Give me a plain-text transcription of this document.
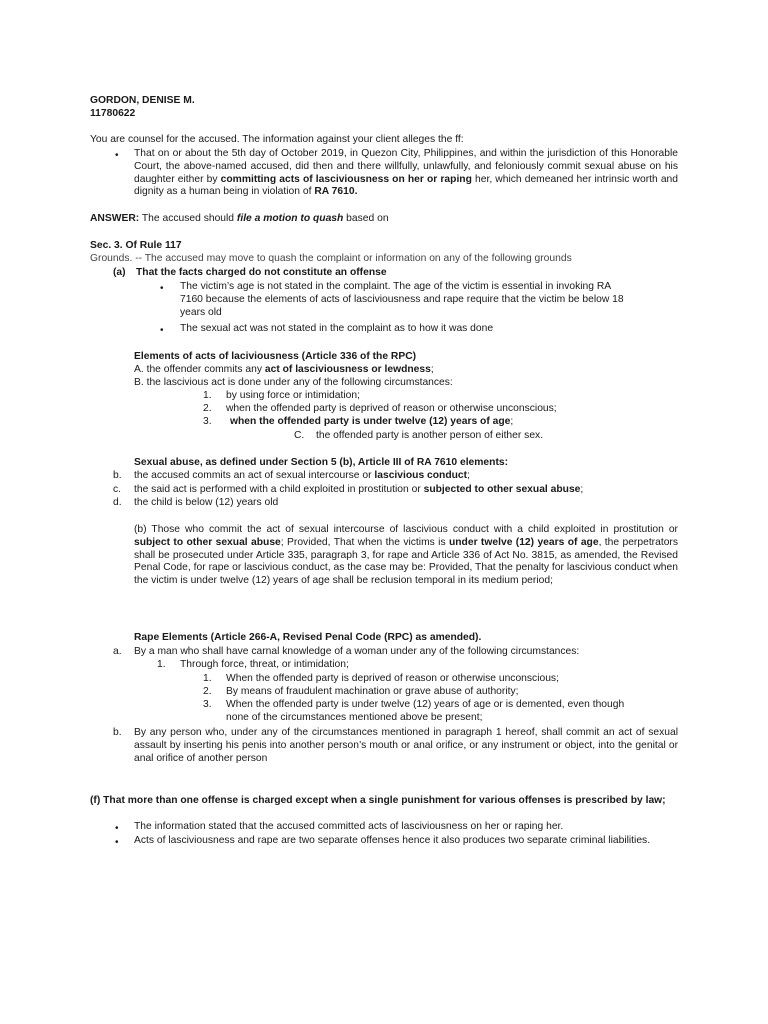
GORDON, DENISE M.
11780622
You are counsel for the accused. The information against your client alleges the ff:
• That on or about the 5th day of October 2019, in Quezon City, Philippines, and within the jurisdiction of this Honorable Court, the above-named accused, did then and there willfully, unlawfully, and feloniously commit sexual abuse on his daughter either by committing acts of lasciviousness on her or raping her, which demeaned her intrinsic worth and dignity as a human being in violation of RA 7610.
ANSWER: The accused should file a motion to quash based on
Sec. 3. Of Rule 117
Grounds. -- The accused may move to quash the complaint or information on any of the following grounds
(a) That the facts charged do not constitute an offense
• The victim’s age is not stated in the complaint. The age of the victim is essential in invoking RA
7160 because the elements of acts of lasciviousness and rape require that the victim be below 18
years old
• The sexual act was not stated in the complaint as to how it was done
Elements of acts of laciviousness (Article 336 of the RPC)
A. the offender commits any act of lasciviousness or lewdness;
B. the lascivious act is done under any of the following circumstances:
1. by using force or intimidation;
2. when the offended party is deprived of reason or otherwise unconscious;
3. when the offended party is under twelve (12) years of age;
C. the offended party is another person of either sex.
Sexual abuse, as defined under Section 5 (b), Article III of RA 7610 elements:
b. the accused commits an act of sexual intercourse or lascivious conduct;
c. the said act is performed with a child exploited in prostitution or subjected to other sexual abuse;
d. the child is below (12) years old
(b) Those who commit the act of sexual intercourse of lascivious conduct with a child exploited in prostitution or subject to other sexual abuse; Provided, That when the victims is under twelve (12) years of age, the perpetrators shall be prosecuted under Article 335, paragraph 3, for rape and Article 336 of Act No. 3815, as amended, the Revised Penal Code, for rape or lascivious conduct, as the case may be: Provided, That the penalty for lascivious conduct when the victim is under twelve (12) years of age shall be reclusion temporal in its medium period;
Rape Elements (Article 266-A, Revised Penal Code (RPC) as amended).
a. By a man who shall have carnal knowledge of a woman under any of the following circumstances:
1. Through force, threat, or intimidation;
1. When the offended party is deprived of reason or otherwise unconscious;
2. By means of fraudulent machination or grave abuse of authority;
3. When the offended party is under twelve (12) years of age or is demented, even though
none of the circumstances mentioned above be present;
b. By any person who, under any of the circumstances mentioned in paragraph 1 hereof, shall commit an act of sexual assault by inserting his penis into another person’s mouth or anal orifice, or any instrument or object, into the genital or anal orifice of another person
(f) That more than one offense is charged except when a single punishment for various offenses is prescribed by law;
• The information stated that the accused committed acts of lasciviousness on her or raping her.
• Acts of lasciviousness and rape are two separate offenses hence it also produces two separate criminal liabilities.
